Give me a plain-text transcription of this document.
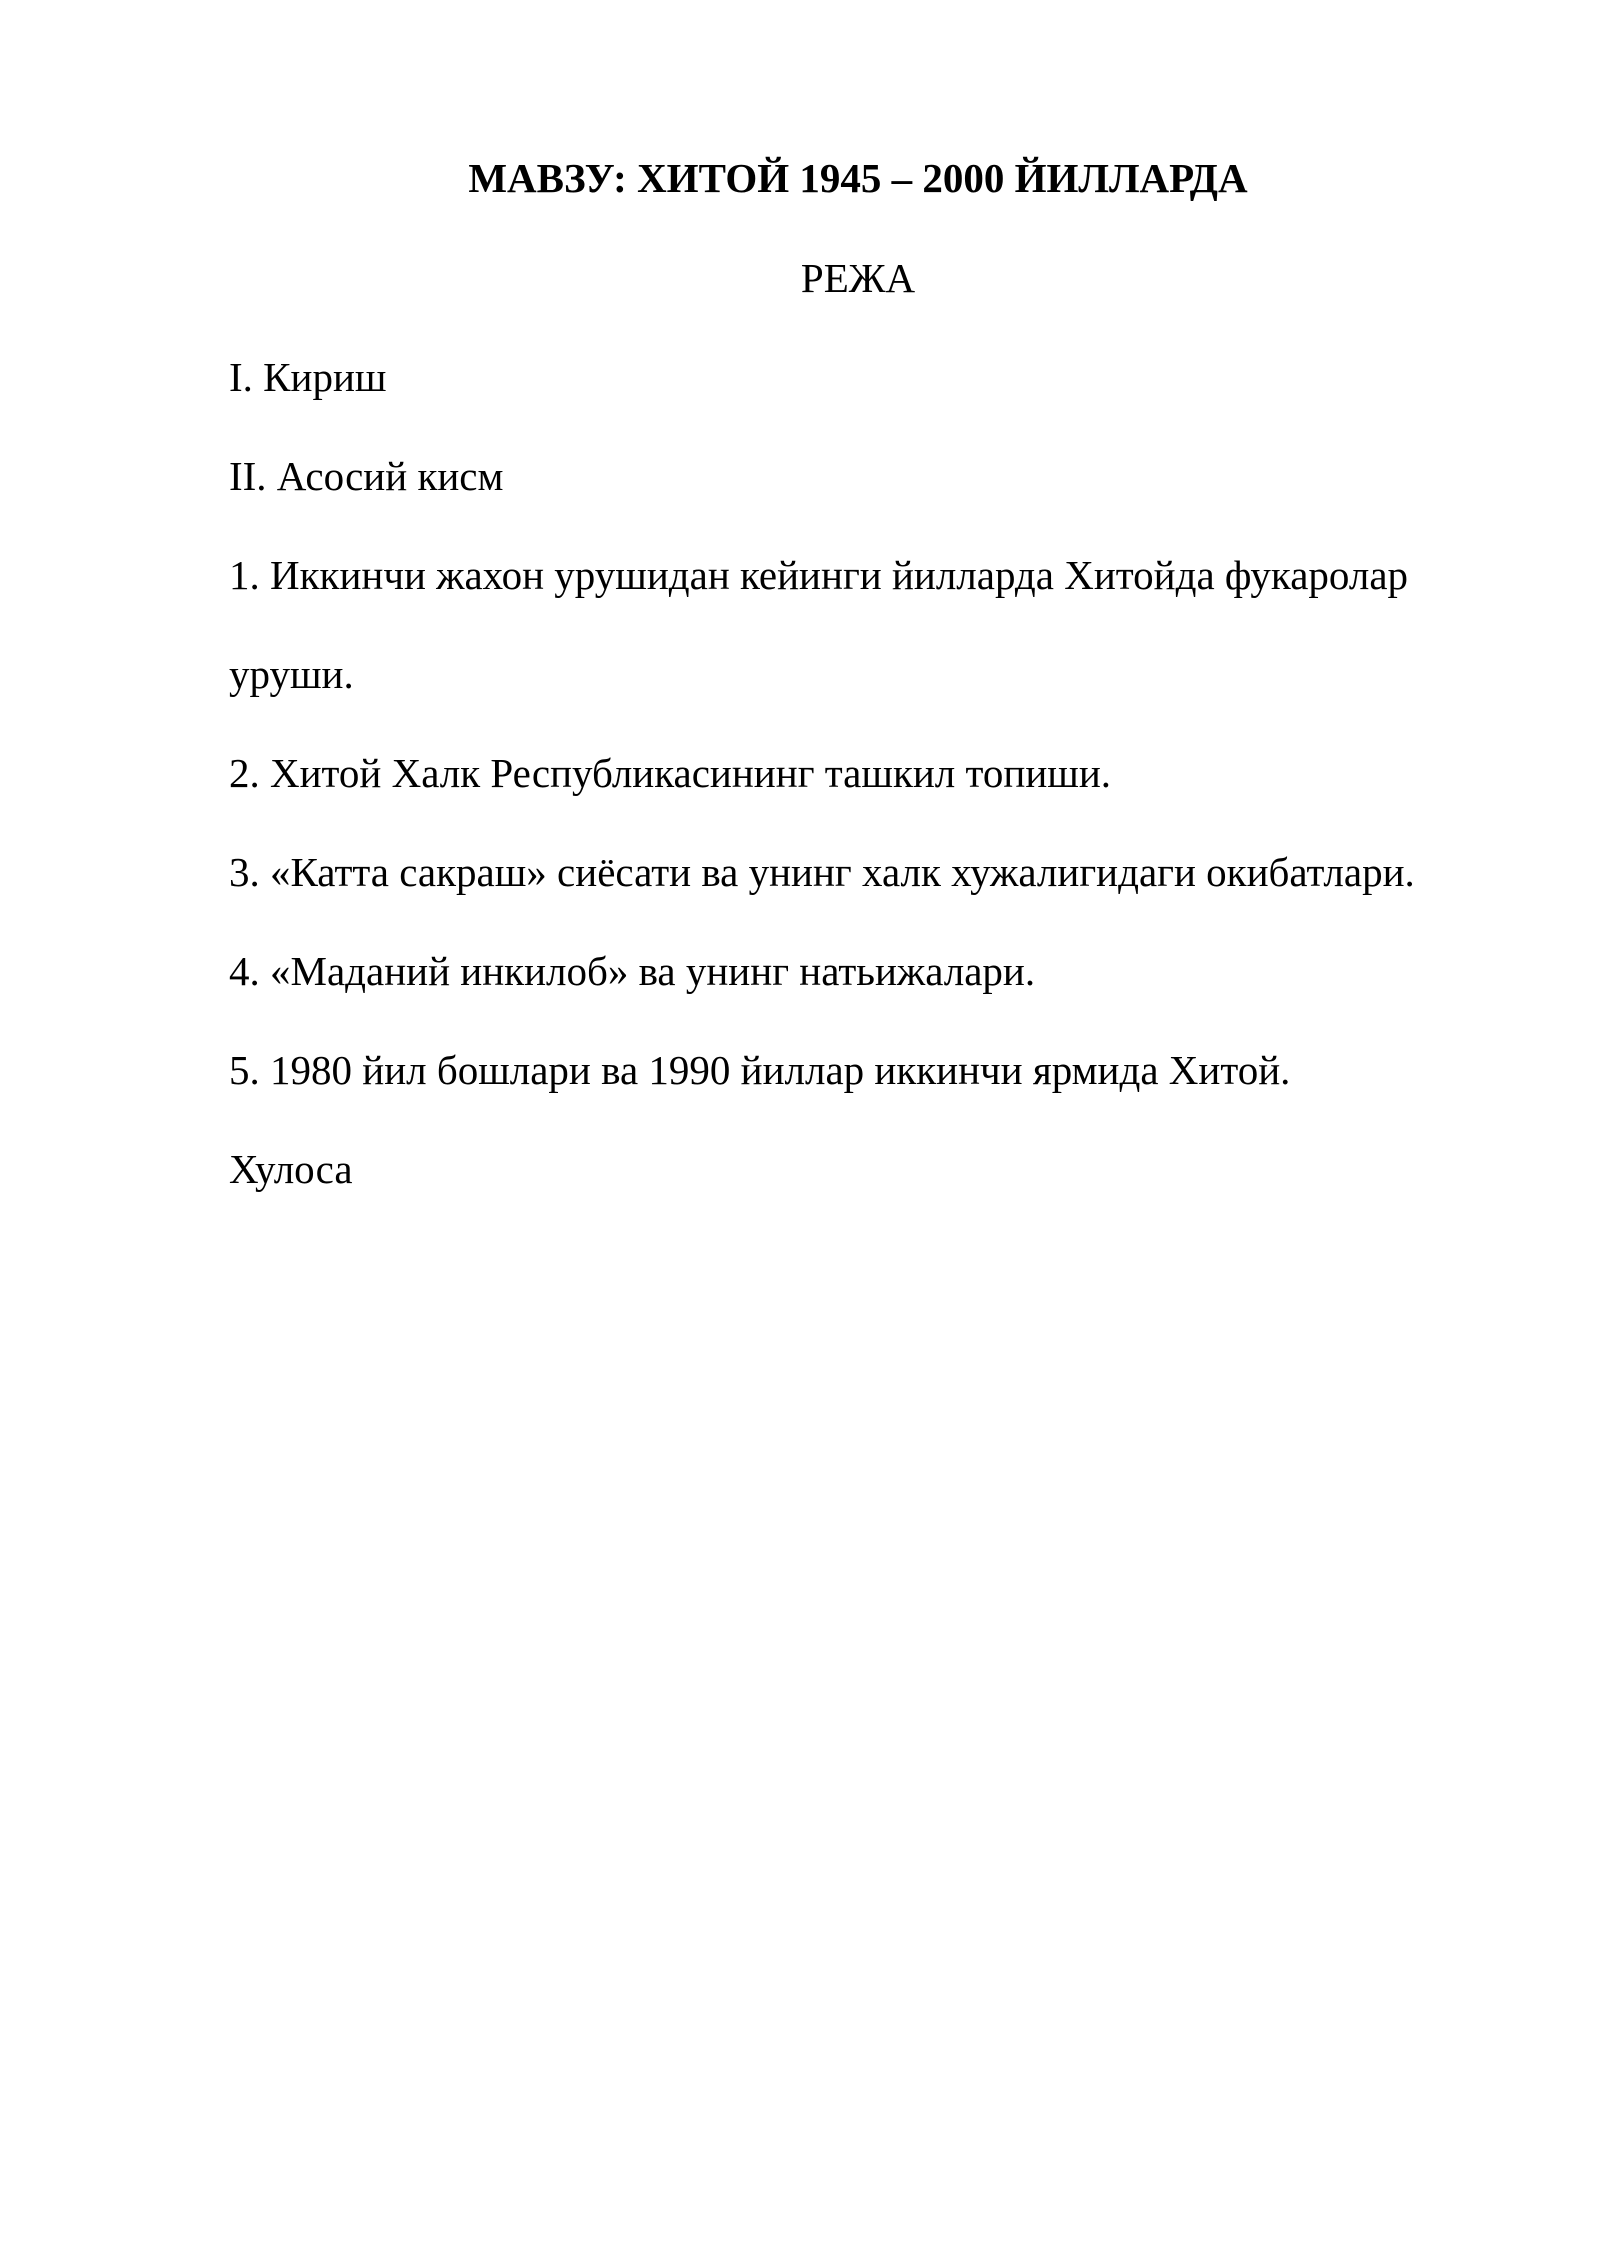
МАВЗУ: ХИТОЙ 1945 – 2000 ЙИЛЛАРДА
РЕЖА
I. Кириш
II. Асосий кисм
1. Иккинчи жахон урушидан кейинги йилларда Хитойда фукаролар
уруши.
2. Хитой Халк Республикасининг ташкил топиши.
3. «Катта сакраш» сиёсати ва унинг халк хужалигидаги окибатлари.
4. «Маданий инкилоб» ва унинг натьижалари.
5. 1980 йил бошлари ва 1990 йиллар иккинчи ярмида Хитой.
Хулоса
